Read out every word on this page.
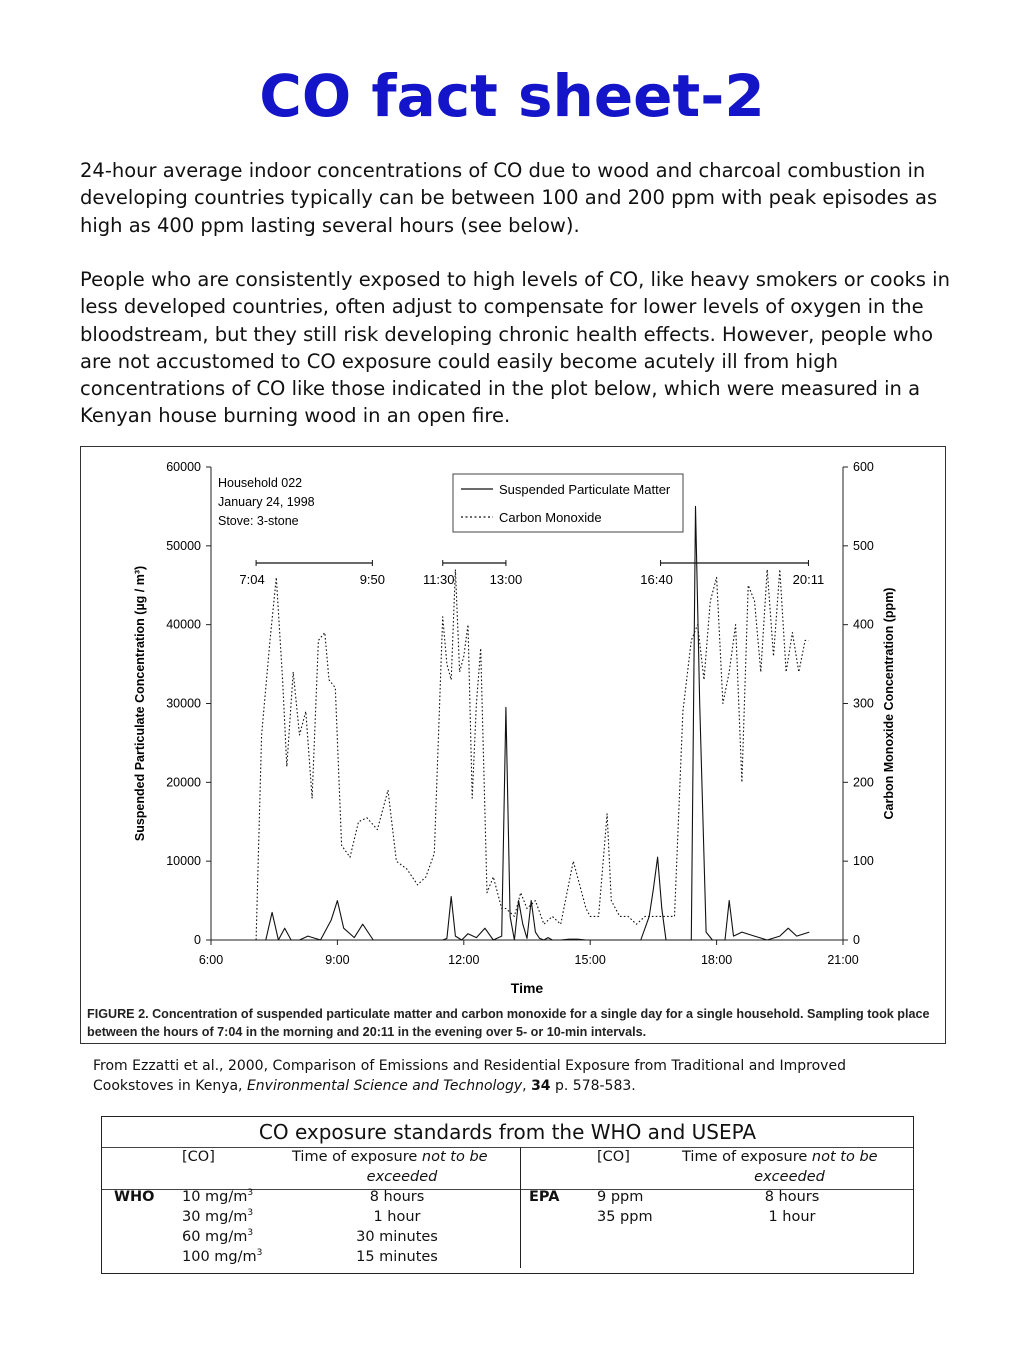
CO fact sheet-2

24-hour average indoor concentrations of CO due to wood and charcoal combustion in developing countries typically can be between 100 and 200 ppm with peak episodes as high as 400 ppm lasting several hours (see below).

People who are consistently exposed to high levels of CO, like heavy smokers or cooks in less developed countries, often adjust to compensate for lower levels of oxygen in the bloodstream, but they still risk developing chronic health effects. However, people who are not accustomed to CO exposure could easily become acutely ill from high concentrations of CO like those indicated in the plot below, which were measured in a Kenyan house burning wood in an open fire.

0
10000
20000
30000
40000
50000
60000
0
100
200
300
400
500
600
6:00	9:00	12:00	15:00	18:00	21:00
Time
Suspended Particulate Concentration (µg / m³)	Carbon Monoxide Concentration (ppm)
7:04	9:50	11:30	13:00	16:40	20:11
Household 022
January 24, 1998
Stove: 3-stone
Suspended Particulate Matter
Carbon Monoxide
FIGURE 2. Concentration of suspended particulate matter and carbon monoxide for a single day for a single household. Sampling took place between the hours of 7:04 in the morning and 20:11 in the evening over 5- or 10-min intervals.
From Ezzatti et al., 2000, Comparison of Emissions and Residential Exposure from Traditional and Improved Cookstoves in Kenya, Environmental Science and Technology, 34 p. 578-583.
CO exposure standards from the WHO and USEPA
[CO]	Time of exposure not to be
exceeded
[CO]	Time of exposure not to be
exceeded
WHO 10 $mg/m^3$	8 hours
30 $mg/m^3$	1 hour
60 $mg/m^3$	30 minutes
100 $mg/m^3$	15 minutes
EPA	9 ppm	8 hours
35 ppm	1 hour
